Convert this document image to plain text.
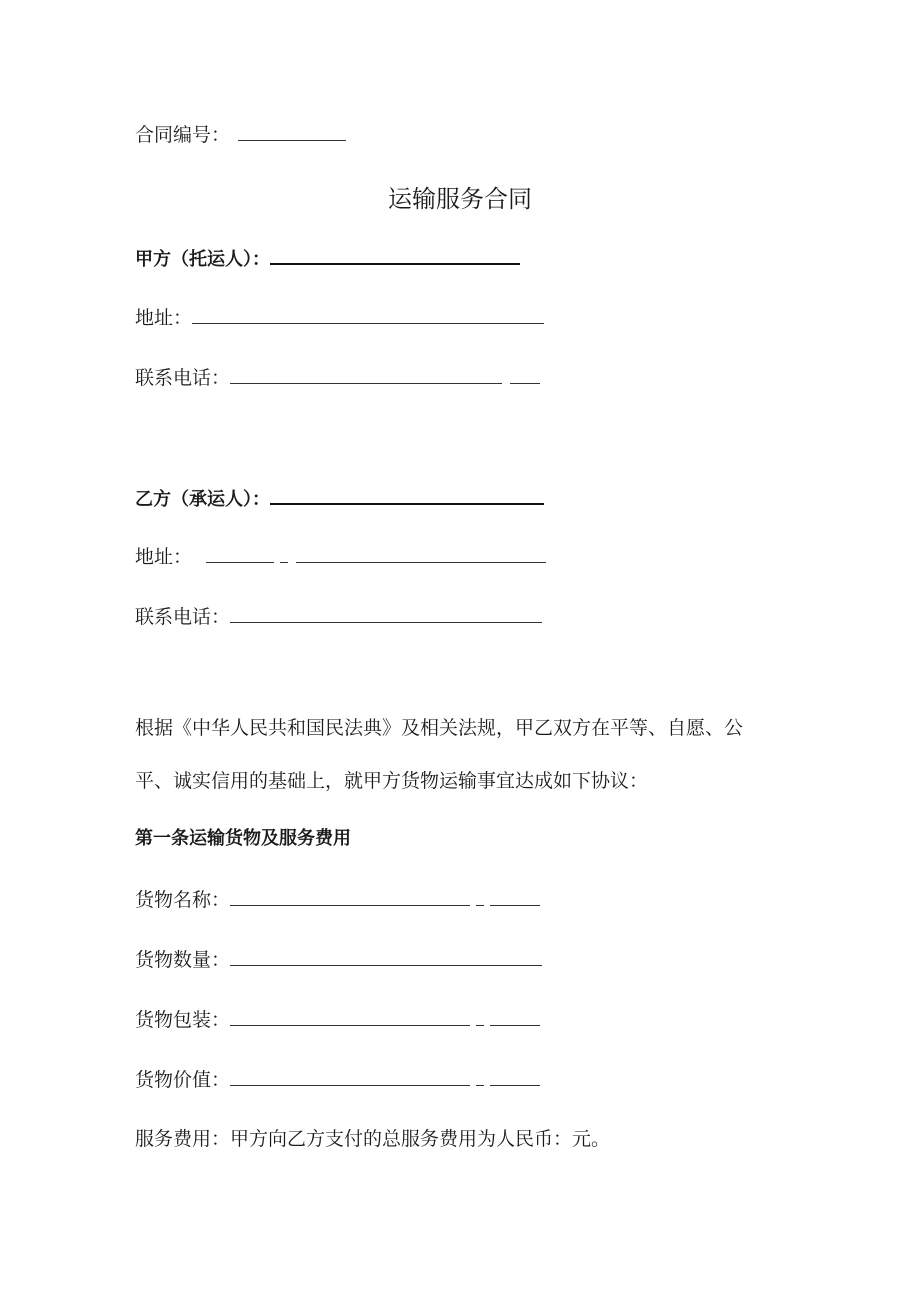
合同编号：
运输服务合同
甲方（托运人）：
地址：
联系电话：
乙方（承运人）：
地址：
联系电话：
根据《中华人民共和国民法典》及相关法规，甲乙双方在平等、自愿、公
平、诚实信用的基础上，就甲方货物运输事宜达成如下协议：
第一条运输货物及服务费用
货物名称：
货物数量：
货物包装：
货物价值：
服务费用：甲方向乙方支付的总服务费用为人民币：元。
